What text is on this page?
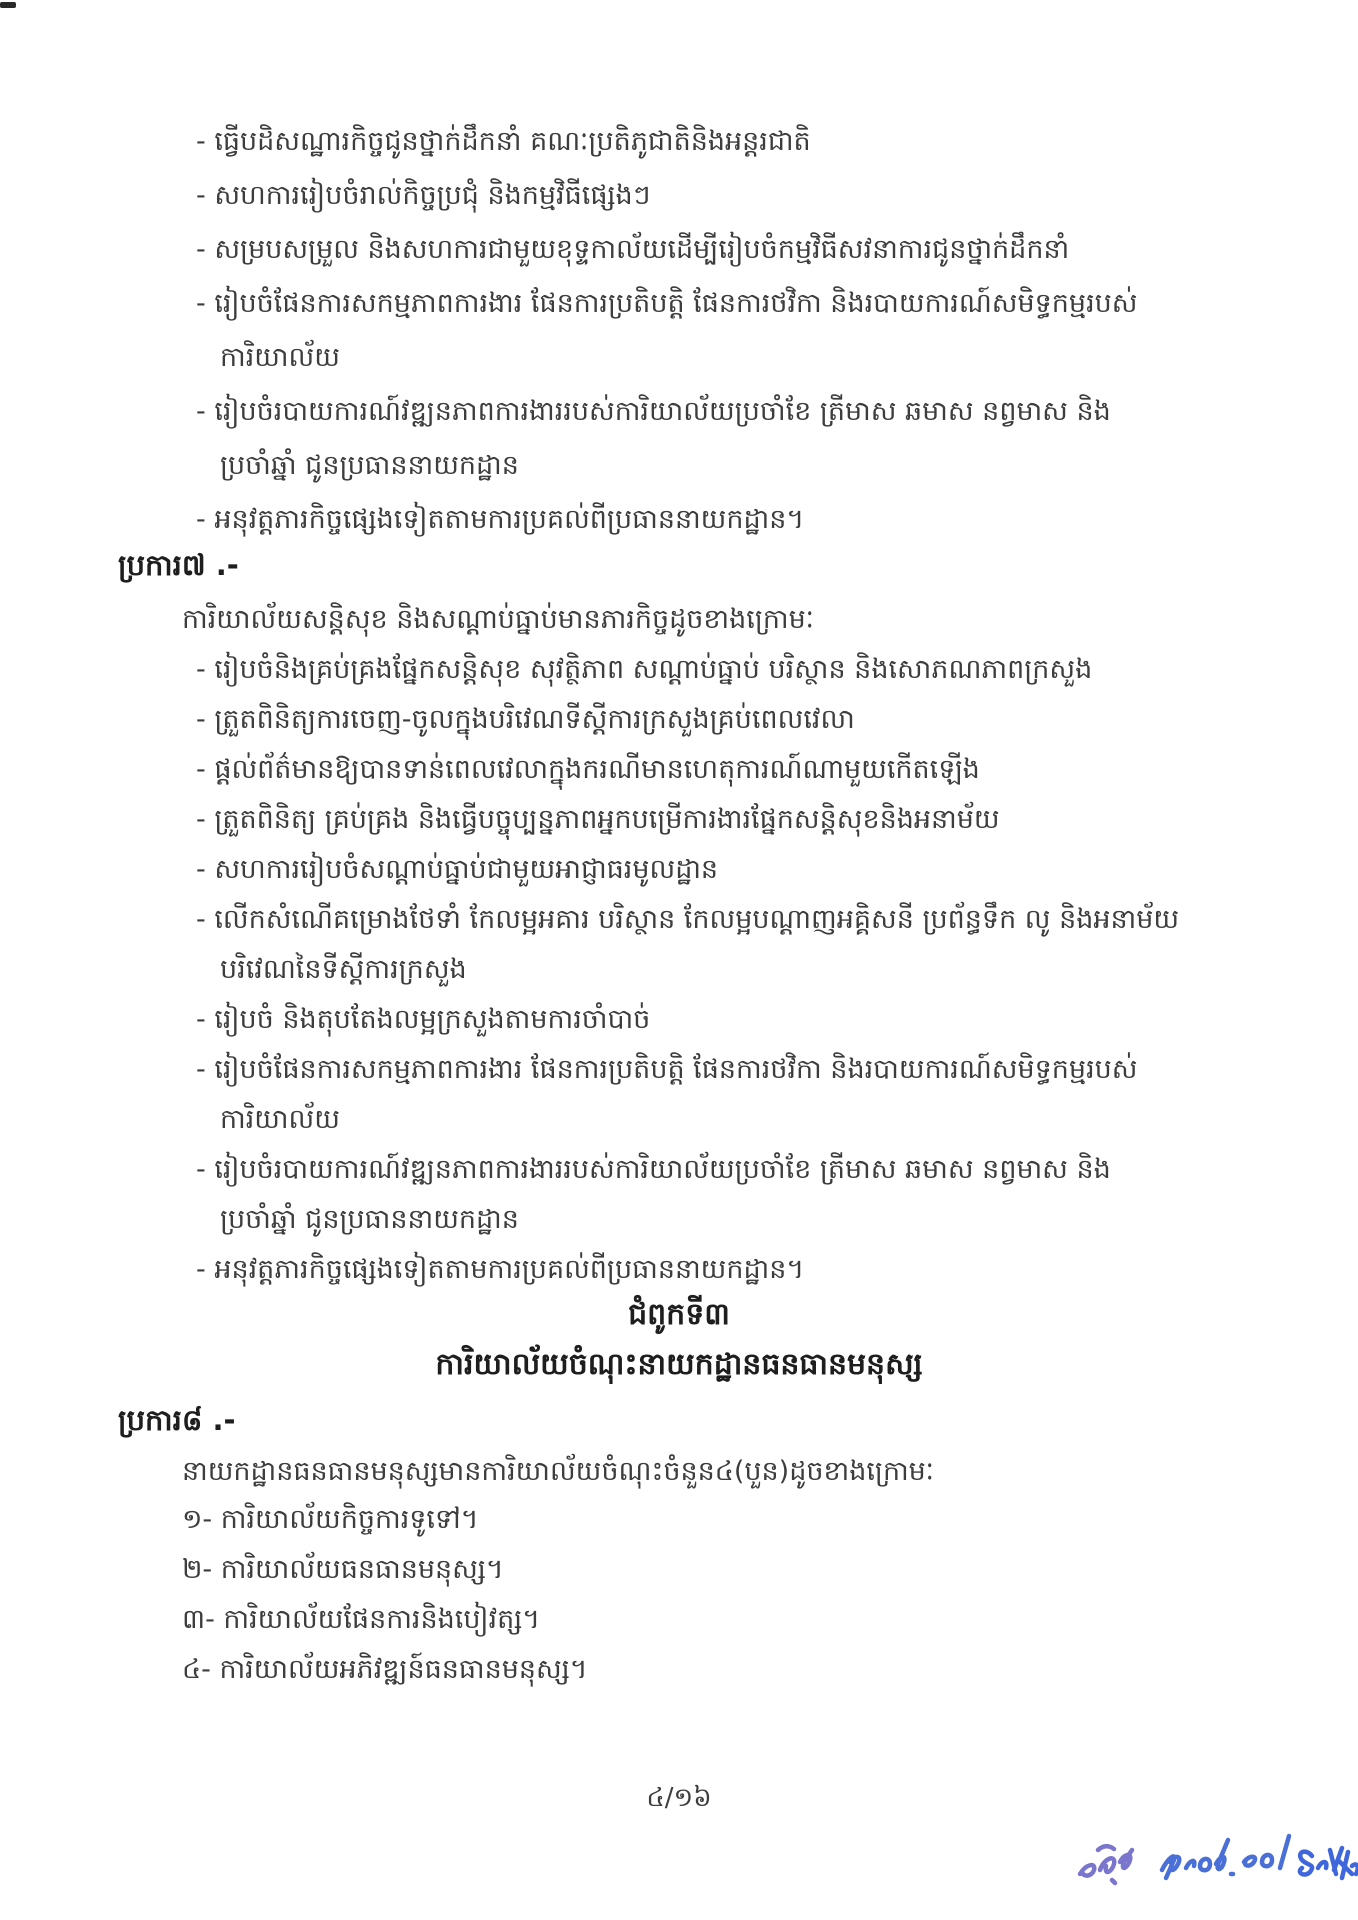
- ធ្វើបដិសណ្ឋារកិច្ចជូនថ្នាក់ដឹកនាំ គណៈប្រតិភូជាតិនិងអន្តរជាតិ
- សហការរៀបចំរាល់កិច្ចប្រជុំ និងកម្មវិធីផ្សេងៗ
- សម្របសម្រួល និងសហការជាមួយខុទ្ទកាល័យដើម្បីរៀបចំកម្មវិធីសវនាការជូនថ្នាក់ដឹកនាំ
- រៀបចំផែនការសកម្មភាពការងារ ផែនការប្រតិបត្តិ ផែនការថវិកា និងរបាយការណ៍សមិទ្ធកម្មរបស់
ការិយាល័យ
- រៀបចំរបាយការណ៍វឌ្ឍនភាពការងាររបស់ការិយាល័យប្រចាំខែ ត្រីមាស ឆមាស នព្វមាស និង
ប្រចាំឆ្នាំ ជូនប្រធាននាយកដ្ឋាន
- អនុវត្តភារកិច្ចផ្សេងទៀតតាមការប្រគល់ពីប្រធាននាយកដ្ឋាន។
ប្រការ៧ .-
ការិយាល័យសន្តិសុខ និងសណ្ដាប់ធ្នាប់មានភារកិច្ចដូចខាងក្រោមៈ
- រៀបចំនិងគ្រប់គ្រងផ្នែកសន្តិសុខ សុវត្ថិភាព សណ្ដាប់ធ្នាប់ បរិស្ថាន និងសោភណភាពក្រសួង
- ត្រួតពិនិត្យការចេញ-ចូលក្នុងបរិវេណទីស្តីការក្រសួងគ្រប់ពេលវេលា
- ផ្តល់ព័ត៌មានឱ្យបានទាន់ពេលវេលាក្នុងករណីមានហេតុការណ៍ណាមួយកើតឡើង
- ត្រួតពិនិត្យ គ្រប់គ្រង និងធ្វើបច្ចុប្បន្នភាពអ្នកបម្រើការងារផ្នែកសន្តិសុខនិងអនាម័យ
- សហការរៀបចំសណ្ដាប់ធ្នាប់ជាមួយអាជ្ញាធរមូលដ្ឋាន
- លើកសំណើគម្រោងថែទាំ កែលម្អអគារ បរិស្ថាន កែលម្អបណ្តាញអគ្គិសនី ប្រព័ន្ធទឹក លូ និងអនាម័យ
បរិវេណនៃទីស្តីការក្រសួង
- រៀបចំ និងតុបតែងលម្អក្រសួងតាមការចាំបាច់
- រៀបចំផែនការសកម្មភាពការងារ ផែនការប្រតិបត្តិ ផែនការថវិកា និងរបាយការណ៍សមិទ្ធកម្មរបស់
ការិយាល័យ
- រៀបចំរបាយការណ៍វឌ្ឍនភាពការងាររបស់ការិយាល័យប្រចាំខែ ត្រីមាស ឆមាស នព្វមាស និង
ប្រចាំឆ្នាំ ជូនប្រធាននាយកដ្ឋាន
- អនុវត្តភារកិច្ចផ្សេងទៀតតាមការប្រគល់ពីប្រធាននាយកដ្ឋាន។
ជំពូកទី៣
ការិយាល័យចំណុះនាយកដ្ឋានធនធានមនុស្ស
ប្រការ៨ .-
នាយកដ្ឋានធនធានមនុស្សមានការិយាល័យចំណុះចំនួន៤(បួន)ដូចខាងក្រោមៈ
១- ការិយាល័យកិច្ចការទូទៅ។
២- ការិយាល័យធនធានមនុស្ស។
៣- ការិយាល័យផែនការនិងបៀវត្ស។
៤- ការិយាល័យអភិវឌ្ឍន៍ធនធានមនុស្ស។
៤/១៦
